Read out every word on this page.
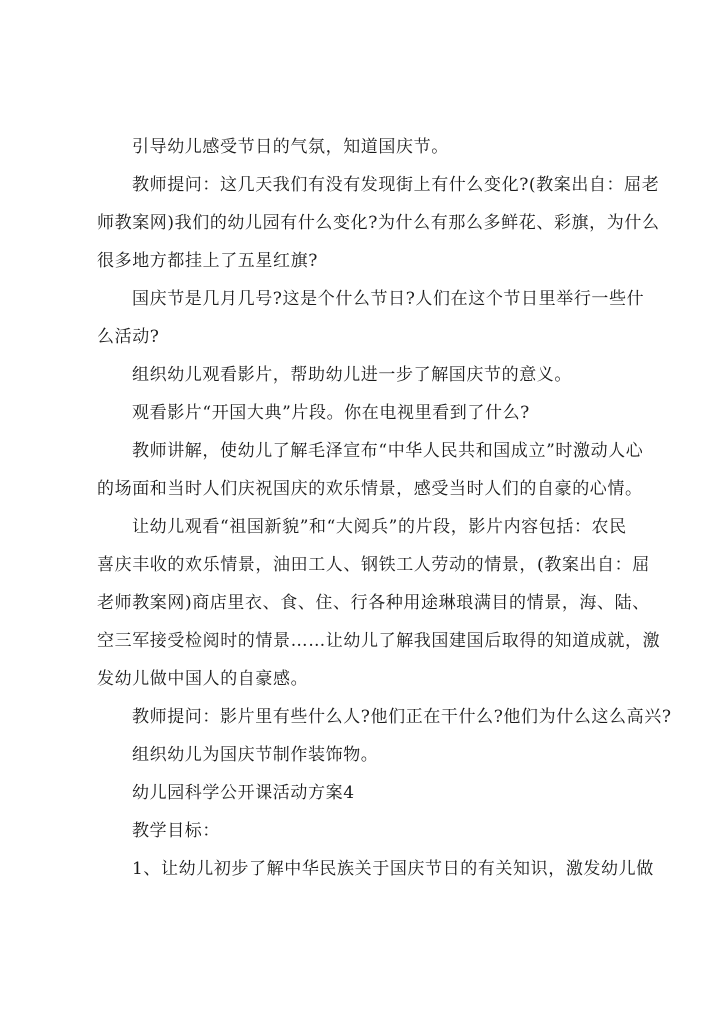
引导幼儿感受节日的气氛，知道国庆节。
教师提问：这几天我们有没有发现街上有什么变化?(教案出自：屈老
师教案网)我们的幼儿园有什么变化?为什么有那么多鲜花、彩旗，为什么
很多地方都挂上了五星红旗?
国庆节是几月几号?这是个什么节日?人们在这个节日里举行一些什
么活动?
组织幼儿观看影片，帮助幼儿进一步了解国庆节的意义。
观看影片“开国大典”片段。你在电视里看到了什么?
教师讲解，使幼儿了解毛泽宣布“中华人民共和国成立”时激动人心
的场面和当时人们庆祝国庆的欢乐情景，感受当时人们的自豪的心情。
让幼儿观看“祖国新貌”和“大阅兵”的片段，影片内容包括：农民
喜庆丰收的欢乐情景，油田工人、钢铁工人劳动的情景，(教案出自：屈
老师教案网)商店里衣、食、住、行各种用途琳琅满目的情景，海、陆、
空三军接受检阅时的情景……让幼儿了解我国建国后取得的知道成就，激
发幼儿做中国人的自豪感。
教师提问：影片里有些什么人?他们正在干什么?他们为什么这么高兴?
组织幼儿为国庆节制作装饰物。
幼儿园科学公开课活动方案4
教学目标：
1、让幼儿初步了解中华民族关于国庆节日的有关知识，激发幼儿做
